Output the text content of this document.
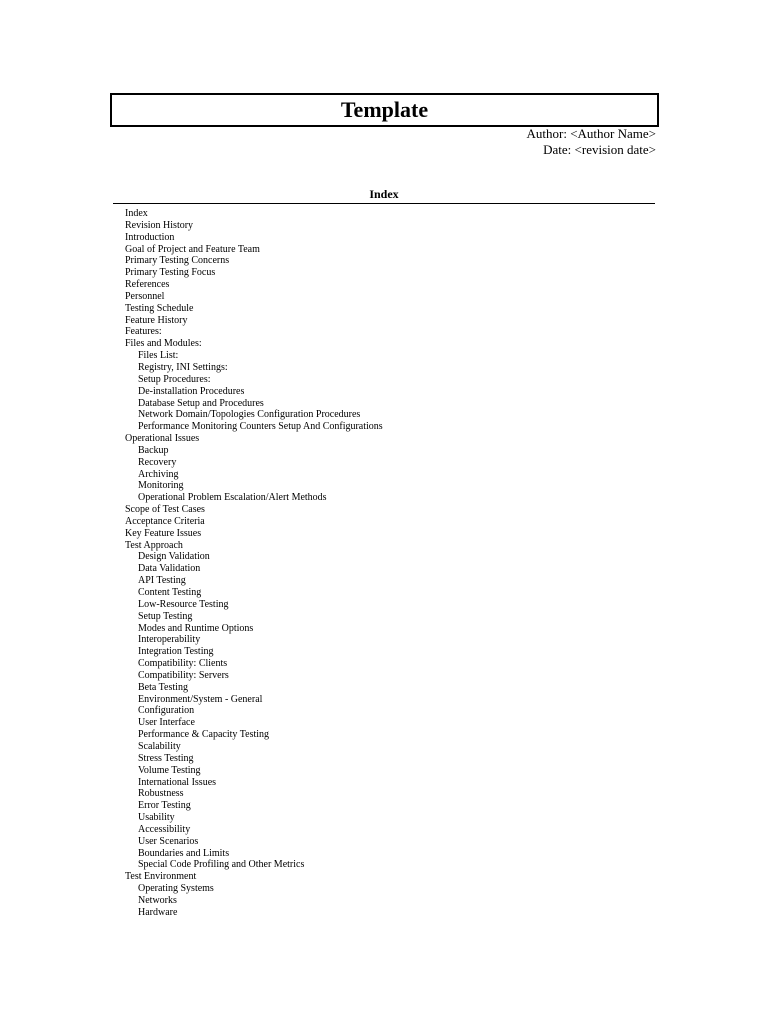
Template
Author: <Author Name>
Date: <revision date>
Index
Index
Revision History
Introduction
Goal of Project and Feature Team
Primary Testing Concerns
Primary Testing Focus
References
Personnel
Testing Schedule
Feature History
Features:
Files and Modules:
Files List:
Registry, INI Settings:
Setup Procedures:
De-installation Procedures
Database Setup and Procedures
Network Domain/Topologies Configuration Procedures
Performance Monitoring Counters Setup And Configurations
Operational Issues
Backup
Recovery
Archiving
Monitoring
Operational Problem Escalation/Alert Methods
Scope of Test Cases
Acceptance Criteria
Key Feature Issues
Test Approach
Design Validation
Data Validation
API Testing
Content Testing
Low-Resource Testing
Setup Testing
Modes and Runtime Options
Interoperability
Integration Testing
Compatibility: Clients
Compatibility: Servers
Beta Testing
Environment/System - General
Configuration
User Interface
Performance & Capacity Testing
Scalability
Stress Testing
Volume Testing
International Issues
Robustness
Error Testing
Usability
Accessibility
User Scenarios
Boundaries and Limits
Special Code Profiling and Other Metrics
Test Environment
Operating Systems
Networks
Hardware
